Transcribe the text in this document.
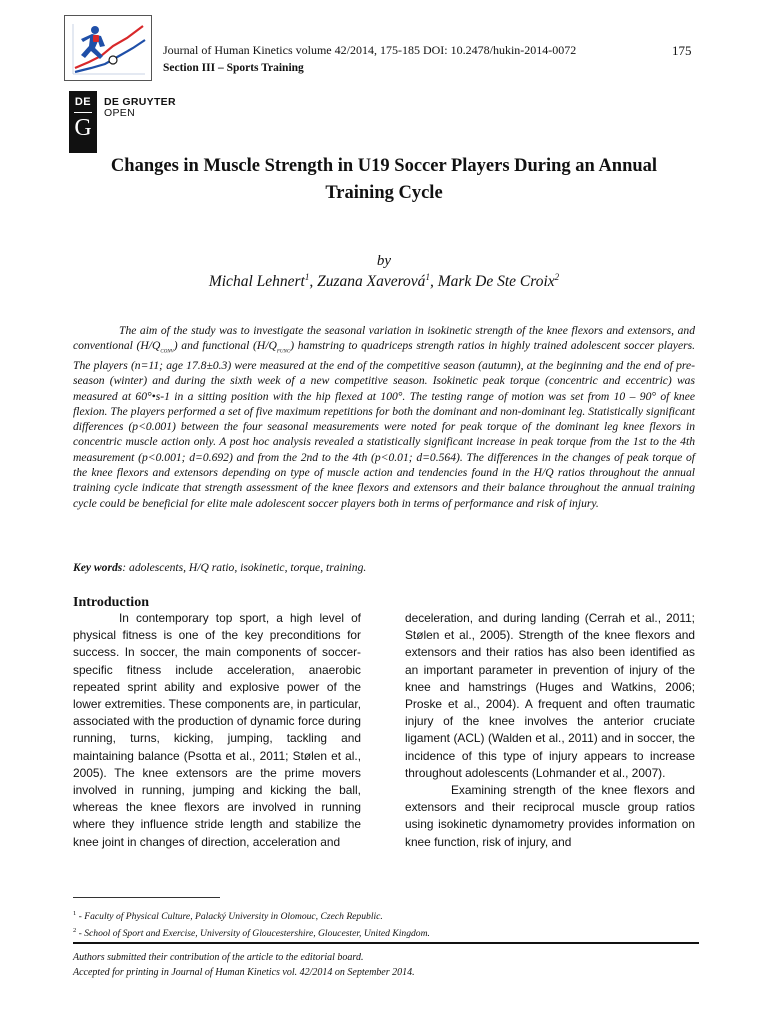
Journal of Human Kinetics volume 42/2014, 175-185 DOI: 10.2478/hukin-2014-0072	175
Section III – Sports Training
DE
G
DE GRUYTER
OPEN
Changes in Muscle Strength in U19 Soccer Players During an Annual Training Cycle
by
Michal Lehnert$^1$, Zuzana Xaverová$^1$, Mark De Ste Croix$^2$

The aim of the study was to investigate the seasonal variation in isokinetic strength of the knee flexors and extensors, and conventional $(H/Q_{conv})$ and functional $(H/Q_{func})$ hamstring to quadriceps strength ratios in highly trained adolescent soccer players. The players (n=11; age 17.8±0.3) were measured at the end of the competitive season (autumn), at the beginning and the end of pre-season (winter) and during the sixth week of a new competitive season. Isokinetic peak torque (concentric and eccentric) was measured at 60°•s-1 in a sitting position with the hip flexed at 100°. The testing range of motion was set from 10 – 90° of knee flexion. The players performed a set of five maximum repetitions for both the dominant and non-dominant leg. Statistically significant differences (p<0.001) between the four seasonal measurements were noted for peak torque of the dominant leg knee flexors in concentric muscle action only. A post hoc analysis revealed a statistically significant increase in peak torque from the 1st to the 4th measurement (p<0.001; d=0.692) and from the 2nd to the 4th (p<0.01; d=0.564). The differences in the changes of peak torque of the knee flexors and extensors depending on type of muscle action and tendencies found in the H/Q ratios throughout the annual training cycle indicate that strength assessment of the knee flexors and extensors and their balance throughout the annual training cycle could be beneficial for elite male adolescent soccer players both in terms of performance and risk of injury.

Key words: adolescents, H/Q ratio, isokinetic, torque, training.
Introduction

In contemporary top sport, a high level of physical fitness is one of the key preconditions for success. In soccer, the main components of soccer-specific fitness include acceleration, anaerobic repeated sprint ability and explosive power of the lower extremities. These components are, in particular, associated with the production of dynamic force during running, turns, kicking, jumping, tackling and maintaining balance (Psotta et al., 2011; Stølen et al., 2005). The knee extensors are the prime movers involved in running, jumping and kicking the ball, whereas the knee flexors are involved in running where they influence stride length and stabilize the knee joint in changes of direction, acceleration and

deceleration, and during landing (Cerrah et al., 2011; Stølen et al., 2005). Strength of the knee flexors and extensors and their ratios has also been identified as an important parameter in prevention of injury of the knee and hamstrings (Huges and Watkins, 2006; Proske et al., 2004). A frequent and often traumatic injury of the knee involves the anterior cruciate ligament (ACL) (Walden et al., 2011) and in soccer, the incidence of this type of injury appears to increase throughout adolescents (Lohmander et al., 2007).

Examining strength of the knee flexors and extensors and their reciprocal muscle group ratios using isokinetic dynamometry provides information on knee function, risk of injury, and

$^1$ - Faculty of Physical Culture, Palacký University in Olomouc, Czech Republic.
$^2$ - School of Sport and Exercise, University of Gloucestershire, Gloucester, United Kingdom.
Authors submitted their contribution of the article to the editorial board.
Accepted for printing in Journal of Human Kinetics vol. 42/2014 on September 2014.
